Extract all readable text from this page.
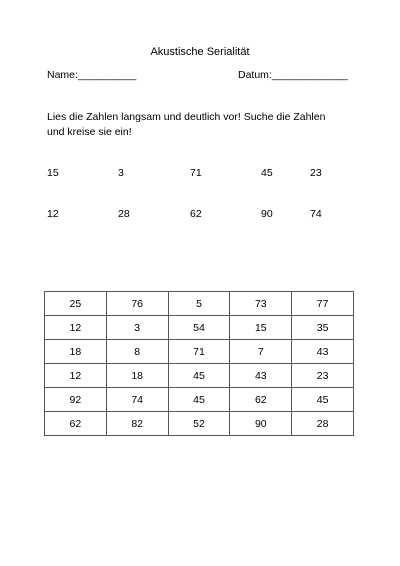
Akustische Serialität
Name:__________	Datum:_____________
Lies die Zahlen langsam und deutlich vor! Suche die Zahlen
und kreise sie ein!
15	3	71	45	23
12	28	62	90	74
25	76	5	73	77
12	3	54	15	35
18	8	71	7	43
12	18	45	43	23
92	74	45	62	45
62	82	52	90	28
